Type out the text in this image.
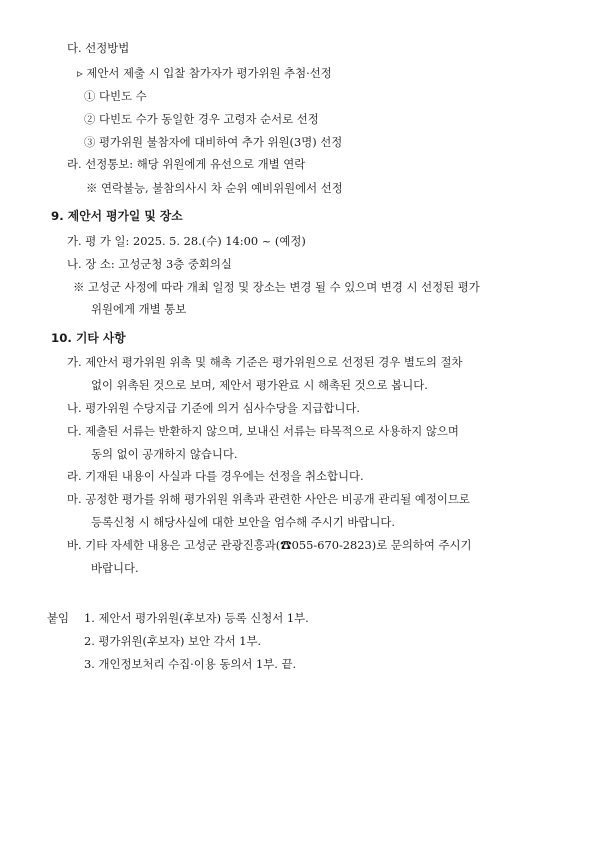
다. 선정방법
▹ 제안서 제출 시 입찰 참가자가 평가위원 추첨·선정
① 다빈도 수
② 다빈도 수가 동일한 경우 고령자 순서로 선정
③ 평가위원 불참자에 대비하여 추가 위원(3명) 선정
라. 선정통보: 해당 위원에게 유선으로 개별 연락
※ 연락불능, 불참의사시 차 순위 예비위원에서 선정
9. 제안서 평가일 및 장소
가. 평 가 일: 2025. 5. 28.(수) 14:00 ~ (예정)
나. 장 소: 고성군청 3층 중회의실
※ 고성군 사정에 따라 개최 일정 및 장소는 변경 될 수 있으며 변경 시 선정된 평가
위원에게 개별 통보
10. 기타 사항
가. 제안서 평가위원 위촉 및 해촉 기준은 평가위원으로 선정된 경우 별도의 절차
없이 위촉된 것으로 보며, 제안서 평가완료 시 해촉된 것으로 봅니다.
나. 평가위원 수당지급 기준에 의거 심사수당을 지급합니다.
다. 제출된 서류는 반환하지 않으며, 보내신 서류는 타목적으로 사용하지 않으며
동의 없이 공개하지 않습니다.
라. 기재된 내용이 사실과 다를 경우에는 선정을 취소합니다.
마. 공정한 평가를 위해 평가위원 위촉과 관련한 사안은 비공개 관리될 예정이므로
등록신청 시 해당사실에 대한 보안을 엄수해 주시기 바랍니다.
바. 기타 자세한 내용은 고성군 관광진흥과(☎055-670-2823)로 문의하여 주시기
바랍니다.
붙임 1. 제안서 평가위원(후보자) 등록 신청서 1부.
2. 평가위원(후보자) 보안 각서 1부.
3. 개인정보처리 수집·이용 동의서 1부. 끝.
